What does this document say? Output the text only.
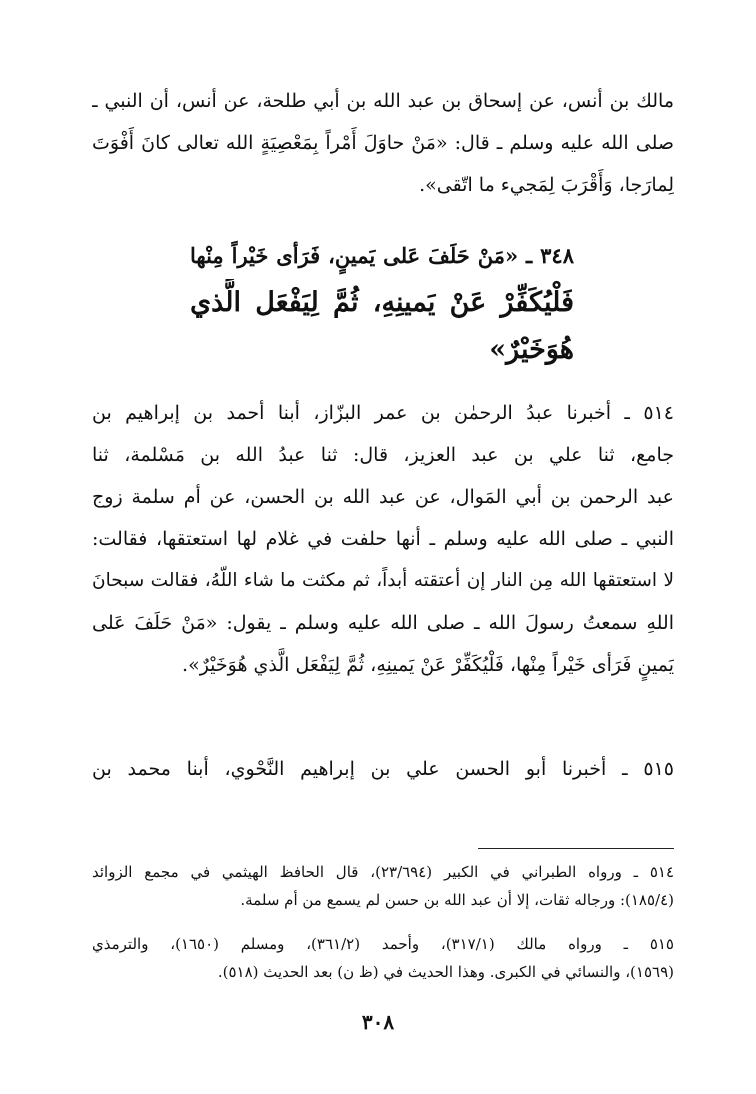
مالك بن أنس، عن إسحاق بن عبد الله بن أبي طلحة، عن أنس، أن النبي ـ
صلى الله عليه وسلم ـ قال: «مَنْ حاوَلَ أَمْراً بِمَعْصِيَةٍ الله تعالى كانَ أَفْوَتَ
لِمارَجا، وَأَقْرَبَ لِمَجيء ما اتّقى».
٣٤٨ ـ «مَنْ حَلَفَ عَلى يَمينٍ، فَرَأى خَيْراً مِنْها
فَلْيُكَفِّرْ عَنْ يَمينِهِ، ثُمَّ لِيَفْعَل الَّذي
هُوَخَيْرٌ»
٥١٤ ـ أخبرنا عبدُ الرحمٰن بن عمر البزّاز، أبنا أحمد بن إبراهيم بن
جامع، ثنا علي بن عبد العزيز، قال: ثنا عبدُ الله بن مَسْلمة، ثنا
عبد الرحمن بن أبي المَوال، عن عبد الله بن الحسن، عن أم سلمة زوج
النبي ـ صلى الله عليه وسلم ـ أنها حلفت في غلام لها استعتقها، فقالت:
لا استعتقها الله مِن النار إن أعتقته أبداً، ثم مكثت ما شاء اللّهُ، فقالت سبحانَ
اللهِ سمعتُ رسولَ الله ـ صلى الله عليه وسلم ـ يقول: «مَنْ حَلَفَ عَلى
يَمينٍ فَرَأى خَيْراً مِنْها، فَلْيُكَفِّرْ عَنْ يَمينِهِ، ثُمَّ لِيَفْعَل الَّذي هُوَخَيْرٌ».
٥١٥ ـ أخبرنا أبو الحسن علي بن إبراهيم النَّحْوي، أبنا محمد بن
٥١٤ ـ ورواه الطبراني في الكبير (٢٣/٦٩٤)، قال الحافظ الهيثمي في مجمع الزوائد
(١٨٥/٤): ورجاله ثقات، إلا أن عبد الله بن حسن لم يسمع من أم سلمة.
٥١٥ ـ ورواه مالك (٣١٧/١)، وأحمد (٣٦١/٢)، ومسلم (١٦٥٠)، والترمذي
(١٥٦٩)، والنسائي في الكبرى. وهذا الحديث في (ظ ن) بعد الحديث (٥١٨).
٣٠٨
